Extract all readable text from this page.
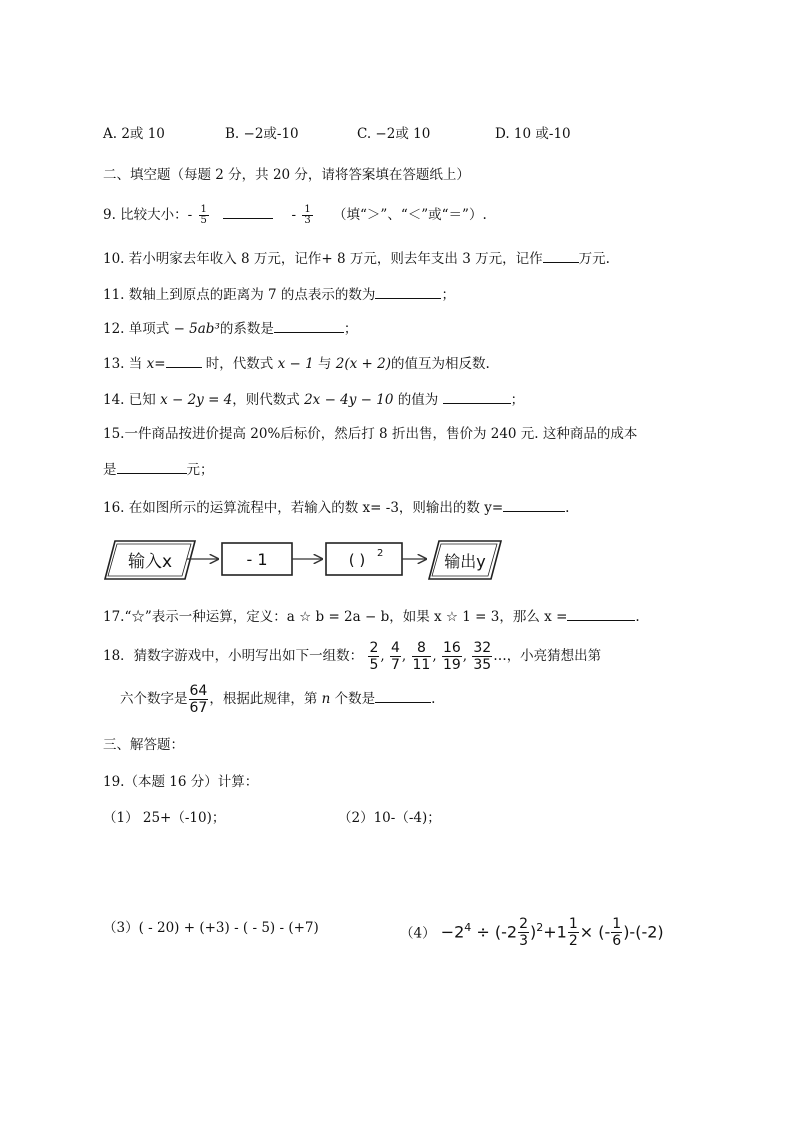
A. 2或 10	B. −2或-10	C. −2或 10	D. 10 或-10
二、填空题（每题 2 分，共 20 分，请将答案填在答题纸上）
9. 比较大小：- $\frac{1}{5}$	- $\frac{1}{3}$ （填“＞”、“＜”或“＝”）.
10. 若小明家去年收入 8 万元，记作+ 8 万元，则去年支出 3 万元，记作	万元.
11. 数轴上到原点的距离为 7 的点表示的数为	；
12. 单项式 − 5ab³的系数是	；
13. 当 x=	时，代数式 x − 1 与 2(x + 2)的值互为相反数.
14. 已知 x − 2y = 4，则代数式 2x − 4y − 10 的值为	；
15.一件商品按进价提高 20%后标价，然后打 8 折出售，售价为 240 元. 这种商品的成本
是	元；
16. 在如图所示的运算流程中，若输入的数 x= -3，则输出的数 y=	.
输入x	- 1	( ) 2	输出y
17.“☆”表示一种运算，定义：a ☆ b = 2a − b，如果 x ☆ 1 = 3，那么 x =	.
18．猜数字游戏中，小明写出如下一组数： $\frac{2}{5}$ , $\frac{4}{7}$ , $\frac{8}{11}$ , $\frac{16}{19}$ , $\frac{32}{35}$ …，小亮猜想出第
六个数字是 $\frac{64}{67}$ ，根据此规律，第 n 个数是	.
三、解答题：
19.（本题 16 分）计算：
（1） 25+（-10)；	（2）10-（-4)；
（3）( - 20) + (+3) - ( - 5) - (+7)	$(4) -2^4 \div (-2 \frac{2}{3} )^2+1 \frac{1}{2}$ × (- $\frac{1}{6} )-(-2)$
